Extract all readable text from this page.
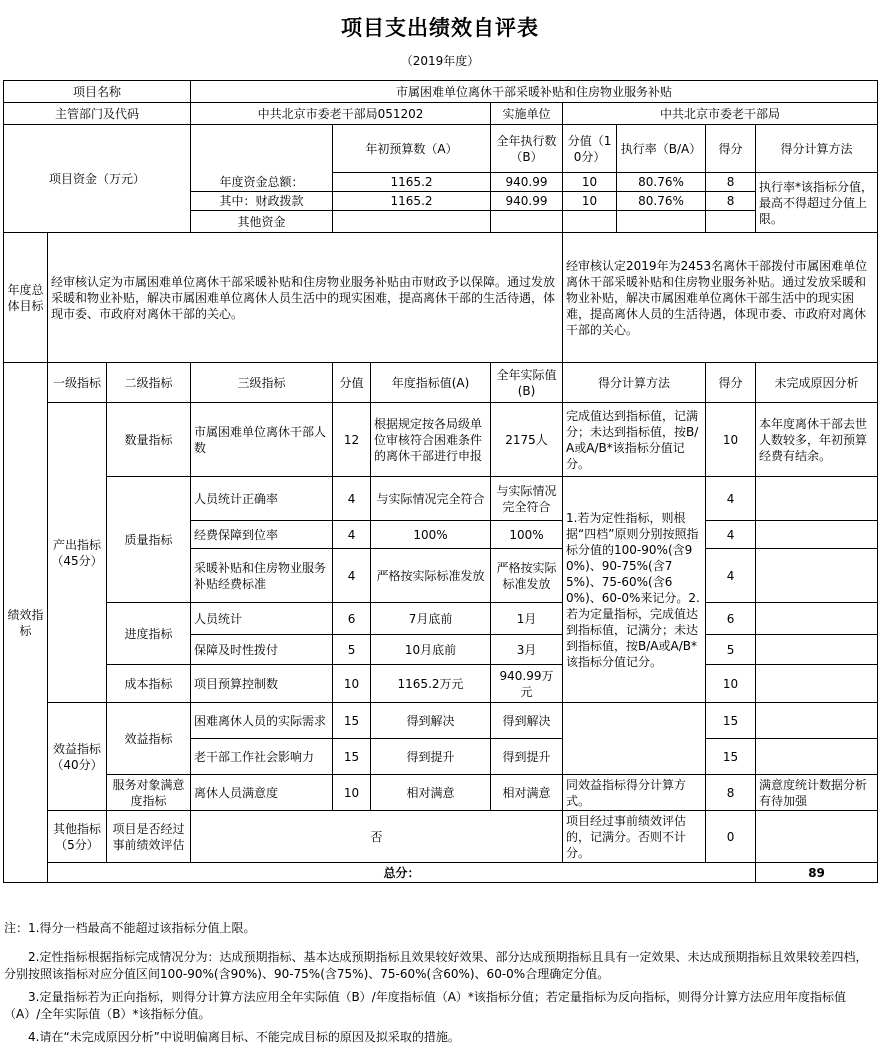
项目支出绩效自评表
（2019年度）
项目名称			市属困难单位离休干部采暖补贴和住房物业服务补贴								
主管部门及代码			中共北京市委老干部局051202			实施单位	中共北京市委老干部局				
项目资金（万元）				年初预算数（A）		全年执行数（B）	分值（10分）	执行率（B/A）	得分	得分计算方法	
			年度资金总额：	1165.2		940.99	10	80.76%	8	执行率*该指标分值，最高不得超过分值上限。	
			其中：财政拨款	1165.2		940.99	10	80.76%	8		
			其他资金								
年度总体目标	经审核认定为市属困难单位离休干部采暖补贴和住房物业服务补贴由市财政予以保障。通过发放采暖和物业补贴，解决市属困难单位离休人员生活中的现实困难，提高离休干部的生活待遇，体现市委、市政府对离休干部的关心。						经审核认定2019年为2453名离休干部拨付市属困难单位离休干部采暖补贴和住房物业服务补贴。通过发放采暖和物业补贴，解决市属困难单位离休干部生活中的现实困难，提高离休人员的生活待遇，体现市委、市政府对离休干部的关心。				
绩效指标	一级指标	二级指标	三级指标	分值	年度指标值(A)	全年实际值(B)	得分计算方法		得分	未完成原因分析	
	产出指标（45分）	数量指标	市属困难单位离休干部人数	12	根据规定按各局级单位审核符合困难条件的离休干部进行申报	2175人	完成值达到指标值，记满分；未达到指标值，按B/A或A/B*该指标分值记分。		10	本年度离休干部去世人数较多，年初预算经费有结余。	
		质量指标	人员统计正确率	4	与实际情况完全符合	与实际情况完全符合	1.若为定性指标，则根据“四档”原则分别按照指标分值的100-90%(含90%)、90-75%(含75%)、75-60%(含60%)、60-0%来记分。2.若为定量指标，完成值达到指标值，记满分；未达到指标值，按B/A或A/B*该指标分值记分。		4		
			经费保障到位率	4	100%	100%			4		
			采暖补贴和住房物业服务补贴经费标准	4	严格按实际标准发放	严格按实际标准发放			4		
		进度指标	人员统计	6	7月底前	1月			6		
			保障及时性拨付	5	10月底前	3月			5		
		成本指标	项目预算控制数	10	1165.2万元	940.99万元			10		
	效益指标（40分）	效益指标	困难离休人员的实际需求	15	得到解决	得到解决			15		
			老干部工作社会影响力	15	得到提升	得到提升			15		
		服务对象满意度指标	离休人员满意度	10	相对满意	相对满意	同效益指标得分计算方式。		8	满意度统计数据分析有待加强	
	其他指标（5分）	项目是否经过事前绩效评估	否				项目经过事前绩效评估的，记满分。否则不计分。		0		
	总分：									89	

注：1.得分一档最高不能超过该指标分值上限。

2.定性指标根据指标完成情况分为：达成预期指标、基本达成预期指标且效果较好效果、部分达成预期指标且具有一定效果、未达成预期指标且效果较差四档，分别按照该指标对应分值区间100-90%(含90%)、90-75%(含75%)、75-60%(含60%)、60-0%合理确定分值。

3.定量指标若为正向指标，则得分计算方法应用全年实际值（B）/年度指标值（A）*该指标分值；若定量指标为反向指标，则得分计算方法应用年度指标值（A）/全年实际值（B）*该指标分值。

4.请在“未完成原因分析”中说明偏离目标、不能完成目标的原因及拟采取的措施。
